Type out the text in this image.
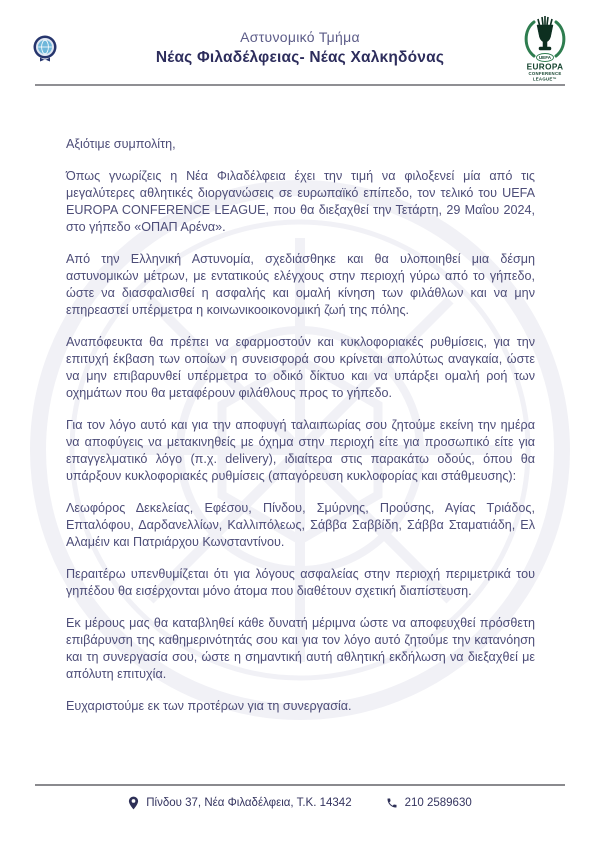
Αστυνομικό Τμήμα
Νέας Φιλαδέλφειας- Νέας Χαλκηδόνας	UEFA
EUROPA
CONFERENCE
LEAGUE™

Αξιότιμε συμπολίτη,

Όπως γνωρίζεις η Νέα Φιλαδέλφεια έχει την τιμή να φιλοξενεί μία από τις μεγαλύτερες αθλητικές διοργανώσεις σε ευρωπαϊκό επίπεδο, τον τελικό του UEFA EUROPA CONFERENCE LEAGUE, που θα διεξαχθεί την Τετάρτη, 29 Μαΐου 2024, στο γήπεδο «ΟΠΑΠ Αρένα».

Από την Ελληνική Αστυνομία, σχεδιάσθηκε και θα υλοποιηθεί μια δέσμη αστυνομικών μέτρων, με εντατικούς ελέγχους στην περιοχή γύρω από το γήπεδο, ώστε να διασφαλισθεί η ασφαλής και ομαλή κίνηση των φιλάθλων και να μην επηρεαστεί υπέρμετρα η κοινωνικοοικονομική ζωή της πόλης.

Αναπόφευκτα θα πρέπει να εφαρμοστούν και κυκλοφοριακές ρυθμίσεις, για την επιτυχή έκβαση των οποίων η συνεισφορά σου κρίνεται απολύτως αναγκαία, ώστε να μην επιβαρυνθεί υπέρμετρα το οδικό δίκτυο και να υπάρξει ομαλή ροή των οχημάτων που θα μεταφέρουν φιλάθλους προς το γήπεδο.

Για τον λόγο αυτό και για την αποφυγή ταλαιπωρίας σου ζητούμε εκείνη την ημέρα να αποφύγεις να μετακινηθείς με όχημα στην περιοχή είτε για προσωπικό είτε για επαγγελματικό λόγο (π.χ. delivery), ιδιαίτερα στις παρακάτω οδούς, όπου θα υπάρξουν κυκλοφοριακές ρυθμίσεις (απαγόρευση κυκλοφορίας και στάθμευσης):

Λεωφόρος Δεκελείας, Εφέσου, Πίνδου, Σμύρνης, Προύσης, Αγίας Τριάδος, Επταλόφου, Δαρδανελλίων, Καλλιπόλεως, Σάββα Σαββίδη, Σάββα Σταματιάδη, Ελ Αλαμέιν και Πατριάρχου Κωνσταντίνου.

Περαιτέρω υπενθυμίζεται ότι για λόγους ασφαλείας στην περιοχή περιμετρικά του γηπέδου θα εισέρχονται μόνο άτομα που διαθέτουν σχετική διαπίστευση.

Εκ μέρους μας θα καταβληθεί κάθε δυνατή μέριμνα ώστε να αποφευχθεί πρόσθετη επιβάρυνση της καθημερινότητάς σου και για τον λόγο αυτό ζητούμε την κατανόηση και τη συνεργασία σου, ώστε η σημαντική αυτή αθλητική εκδήλωση να διεξαχθεί με απόλυτη επιτυχία.

Ευχαριστούμε εκ των προτέρων για τη συνεργασία.

Πίνδου 37, Νέα Φιλαδέλφεια, Τ.Κ. 14342	210 2589630
